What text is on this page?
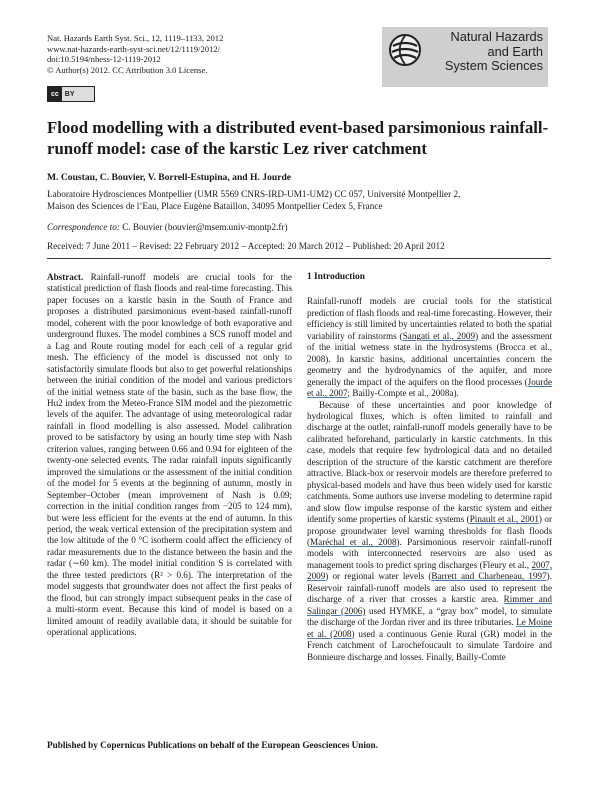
Nat. Hazards Earth Syst. Sci., 12, 1119–1133, 2012
www.nat-hazards-earth-syst-sci.net/12/1119/2012/
doi:10.5194/nhess-12-1119-2012
© Author(s) 2012. CC Attribution 3.0 License.
cc BY
Natural Hazards
and Earth
System Sciences
Flood modelling with a distributed event-based parsimonious rainfall-runoff model: case of the karstic Lez river catchment
M. Coustau, C. Bouvier, V. Borrell-Estupina, and H. Jourde
Laboratoire Hydrosciences Montpellier (UMR 5569 CNRS-IRD-UM1-UM2) CC 057, Université Montpellier 2,
Maison des Sciences de l’Eau, Place Eugène Bataillon, 34095 Montpellier Cedex 5, France
Correspondence to: C. Bouvier (bouvier@msem.univ-montp2.fr)
Received: 7 June 2011 – Revised: 22 February 2012 – Accepted: 20 March 2012 – Published: 20 April 2012

Abstract. Rainfall-runoff models are crucial tools for the statistical prediction of flash floods and real-time forecasting. This paper focuses on a karstic basin in the South of France and proposes a distributed parsimonious event-based rainfall-runoff model, coherent with the poor knowledge of both evaporative and underground fluxes. The model combines a SCS runoff model and a Lag and Route routing model for each cell of a regular grid mesh. The efficiency of the model is discussed not only to satisfactorily simulate floods but also to get powerful relationships between the initial condition of the model and various predictors of the initial wetness state of the basin, such as the base flow, the Hu2 index from the Meteo-France SIM model and the piezometric levels of the aquifer. The advantage of using meteorological radar rainfall in flood modelling is also assessed. Model calibration proved to be satisfactory by using an hourly time step with Nash criterion values, ranging between 0.66 and 0.94 for eighteen of the twenty-one selected events. The radar rainfall inputs significantly improved the simulations or the assessment of the initial condition of the model for 5 events at the beginning of autumn, mostly in September–October (mean improvement of Nash is 0.09; correction in the initial condition ranges from −205 to 124 mm), but were less efficient for the events at the end of autumn. In this period, the weak vertical extension of the precipitation system and the low altitude of the 0 °C isotherm could affect the efficiency of radar measurements due to the distance between the basin and the radar (∼60 km). The model initial condition S is correlated with the three tested predictors (R² > 0.6). The interpretation of the model suggests that groundwater does not affect the first peaks of the flood, but can strongly impact subsequent peaks in the case of a multi-storm event. Because this kind of model is based on a limited amount of readily available data, it should be suitable for operational applications.

1 Introduction

Rainfall-runoff models are crucial tools for the statistical prediction of flash floods and real-time forecasting. However, their efficiency is still limited by uncertainties related to both the spatial variability of rainstorms (Sangati et al., 2009) and the assessment of the initial wetness state in the hydrosystems (Brocca et al., 2008). In karstic basins, additional uncertainties concern the geometry and the hydrodynamics of the aquifer, and more generally the impact of the aquifers on the flood processes (Jourde et al., 2007; Bailly-Compte et al., 2008a).

Because of these uncertainties and poor knowledge of hydrological fluxes, which is often limited to rainfall and discharge at the outlet, rainfall-runoff models generally have to be calibrated beforehand, particularly in karstic catchments. In this case, models that require few hydrological data and no detailed description of the structure of the karstic catchment are therefore attractive. Black-box or reservoir models are therefore preferred to physical-based models and have thus been widely used for karstic catchments. Some authors use inverse modeling to determine rapid and slow flow impulse response of the karstic system and either identify some properties of karstic systems (Pinault et al., 2001) or propose groundwater level warning thresholds for flash floods (Maréchal et al., 2008). Parsimonious reservoir rainfall-runoff models with interconnected reservoirs are also used as management tools to predict spring discharges (Fleury et al., 2007, 2009) or regional water levels (Barrett and Charbeneau, 1997). Reservoir rainfall-runoff models are also used to represent the discharge of a river that crosses a karstic area. Rimmer and Salingar (2006) used HYMKE, a “gray box” model, to simulate the discharge of the Jordan river and its three tributaries. Le Moine et al. (2008) used a continuous Genie Rural (GR) model in the French catchment of Larochefoucault to simulate Tardoire and Bonnieure discharge and losses. Finally, Bailly-Comte

Published by Copernicus Publications on behalf of the European Geosciences Union.
